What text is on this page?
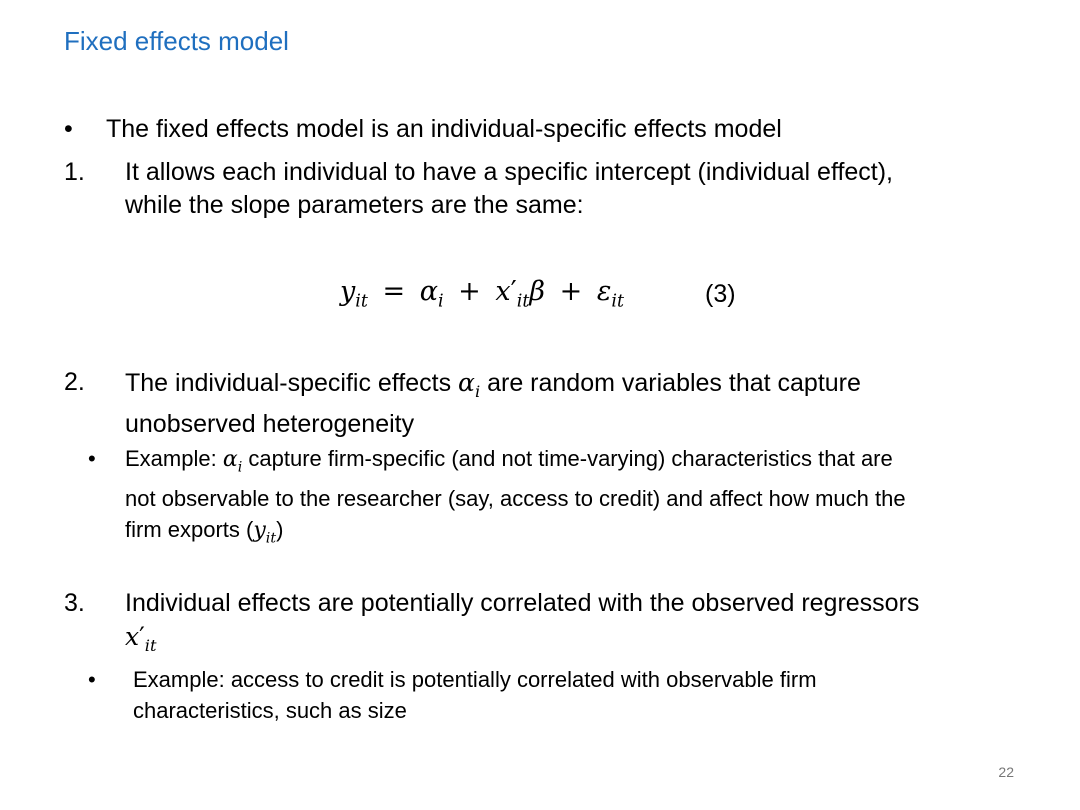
Fixed effects model
• The fixed effects model is an individual-specific effects model
1. It allows each individual to have a specific intercept (individual effect),
while the slope parameters are the same:
$y_{it} = \alpha_i + x'_{it}\beta + \varepsilon_{it}$	(3)
2. The individual-specific effects $\alpha_i$ are random variables that capture
unobserved heterogeneity
• Example: $\alpha_i$ capture firm-specific (and not time-varying) characteristics that are
not observable to the researcher (say, access to credit) and affect how much the
firm exports $(y_{it})$
3. Individual effects are potentially correlated with the observed regressors
$x'_{it}$
• Example: access to credit is potentially correlated with observable firm
characteristics, such as size
22
